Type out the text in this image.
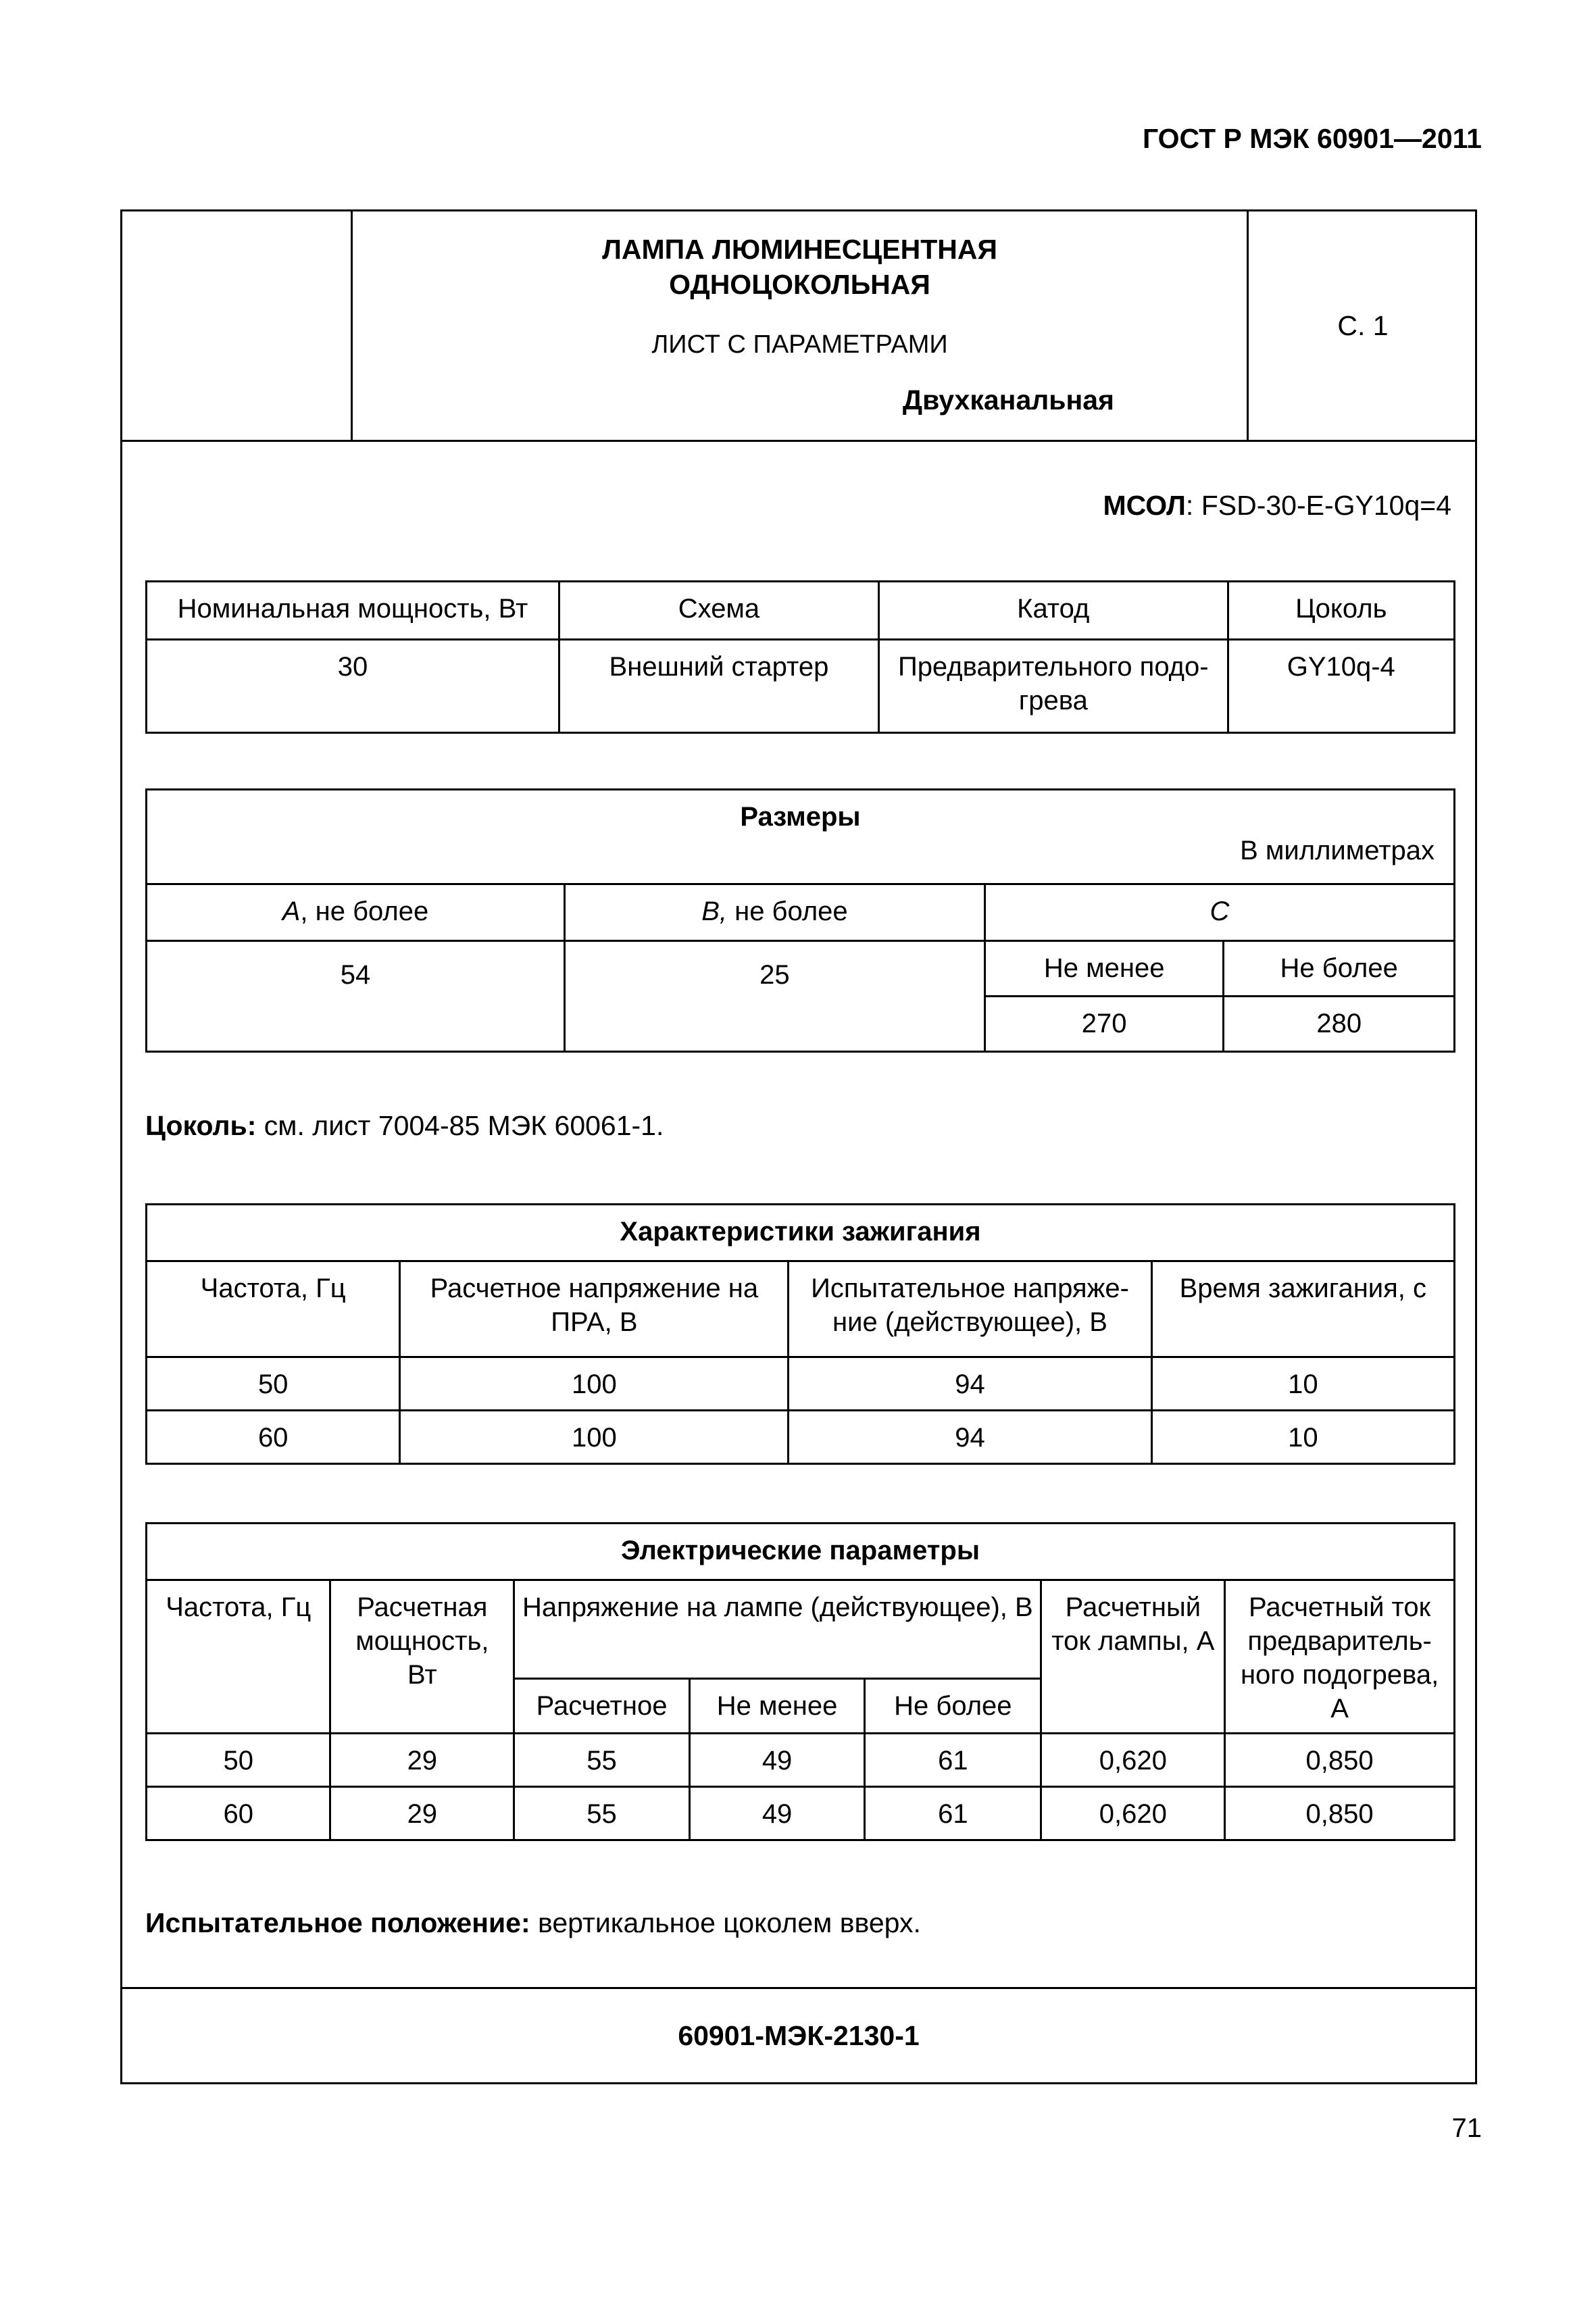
ГОСТ Р МЭК 60901—2011
ЛАМПА ЛЮМИНЕСЦЕНТНАЯ
ОДНОЦОКОЛЬНАЯ
ЛИСТ С ПАРАМЕТРАМИ
Двухканальная
С. 1
МСОЛ: FSD-30-E-GY10q=4
Номинальная мощность, Вт	Схема	Катод	Цоколь
30	Внешний стартер	Предварительного подо-грева	GY10q-4
Размеры
В миллиметрах			

A, не более	B, не более	C	
54	25	Не менее	Не более
		270	280
Цоколь: см. лист 7004-85 МЭК 60061-1.
Характеристики зажигания			
Частота, Гц	Расчетное напряжение на ПРА, В	Испытательное напряже-ние (действующее), В	Время зажигания, с
50	100	94	10
60	100	94	10
Электрические параметры						
Частота, Гц	Расчетная мощность, Вт	Напряжение на лампе (действующее), В			Расчетный ток лампы, А	Расчетный ток предваритель-ного подогрева, А
		Расчетное	Не менее	Не более		
50	29	55	49	61	0,620	0,850
60	29	55	49	61	0,620	0,850
Испытательное положение: вертикальное цоколем вверх.
60901-МЭК-2130-1
71
